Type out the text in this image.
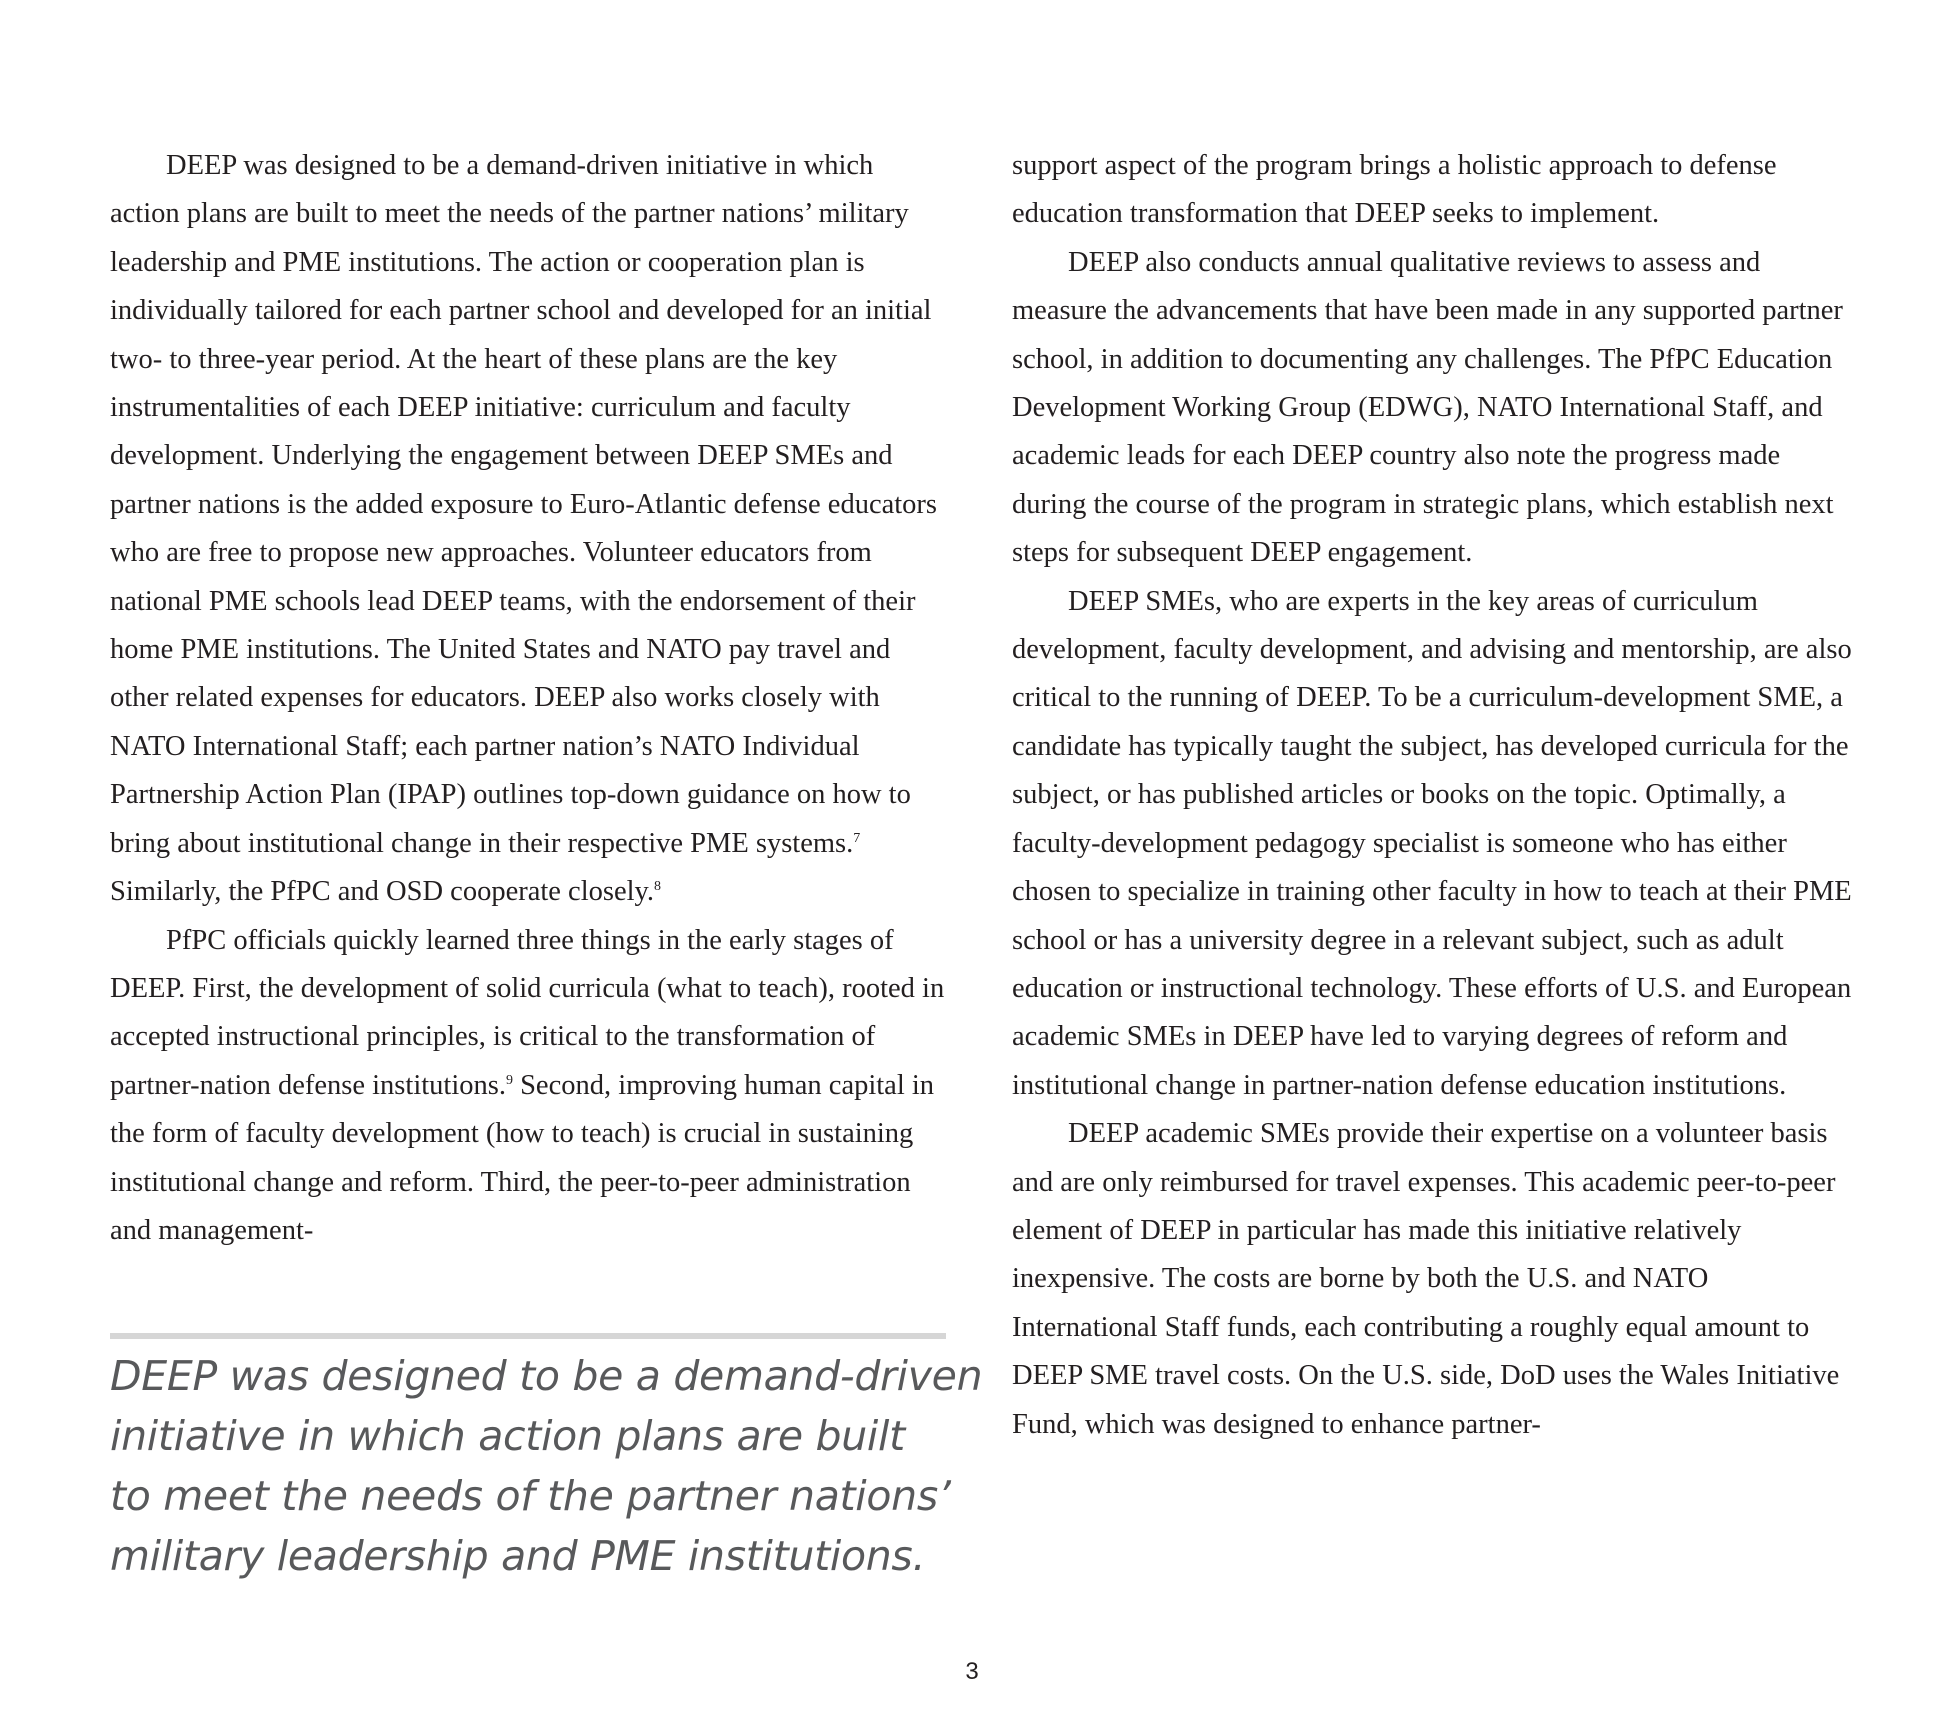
DEEP was designed to be a demand-driven initiative in which action plans are built to meet the needs of the partner nations’ military leadership and PME institutions. The action or cooperation plan is individually tailored for each partner school and developed for an initial two- to three-year period. At the heart of these plans are the key instrumentalities of each DEEP initiative: curriculum and faculty development. Underlying the engagement between DEEP SMEs and partner nations is the added exposure to Euro-Atlantic defense educators who are free to propose new approaches. Volunteer educators from national PME schools lead DEEP teams, with the endorsement of their home PME institutions. The United States and NATO pay travel and other related expenses for educators. DEEP also works closely with NATO International Staff; each partner nation’s NATO Individual Partnership Action Plan (IPAP) outlines top-down guidance on how to bring about institutional change in their respective PME systems.$^7$ Similarly, the PfPC and OSD cooperate closely.$^8$

PfPC officials quickly learned three things in the early stages of DEEP. First, the development of solid curricula (what to teach), rooted in accepted instructional principles, is critical to the transformation of partner-nation defense institutions.$^9$ Second, improving human capital in the form of faculty development (how to teach) is crucial in sustaining institutional change and reform. Third, the peer-to-peer administration and management-

DEEP was designed to be a demand-driven
initiative in which action plans are built
to meet the needs of the partner nations’
military leadership and PME institutions.

support aspect of the program brings a holistic approach to defense education transformation that DEEP seeks to implement.

DEEP also conducts annual qualitative reviews to assess and measure the advancements that have been made in any supported partner school, in addition to documenting any challenges. The PfPC Education Development Working Group (EDWG), NATO International Staff, and academic leads for each DEEP country also note the progress made during the course of the program in strategic plans, which establish next steps for subsequent DEEP engagement.

DEEP SMEs, who are experts in the key areas of curriculum development, faculty development, and advising and mentorship, are also critical to the running of DEEP. To be a curriculum-development SME, a candidate has typically taught the subject, has developed curricula for the subject, or has published articles or books on the topic. Optimally, a faculty-development pedagogy specialist is someone who has either chosen to specialize in training other faculty in how to teach at their PME school or has a university degree in a relevant subject, such as adult education or instructional technology. These efforts of U.S. and European academic SMEs in DEEP have led to varying degrees of reform and institutional change in partner-nation defense education institutions.

DEEP academic SMEs provide their expertise on a volunteer basis and are only reimbursed for travel expenses. This academic peer-to-peer element of DEEP in particular has made this initiative relatively inexpensive. The costs are borne by both the U.S. and NATO International Staff funds, each contributing a roughly equal amount to DEEP SME travel costs. On the U.S. side, DoD uses the Wales Initiative Fund, which was designed to enhance partner-

3
